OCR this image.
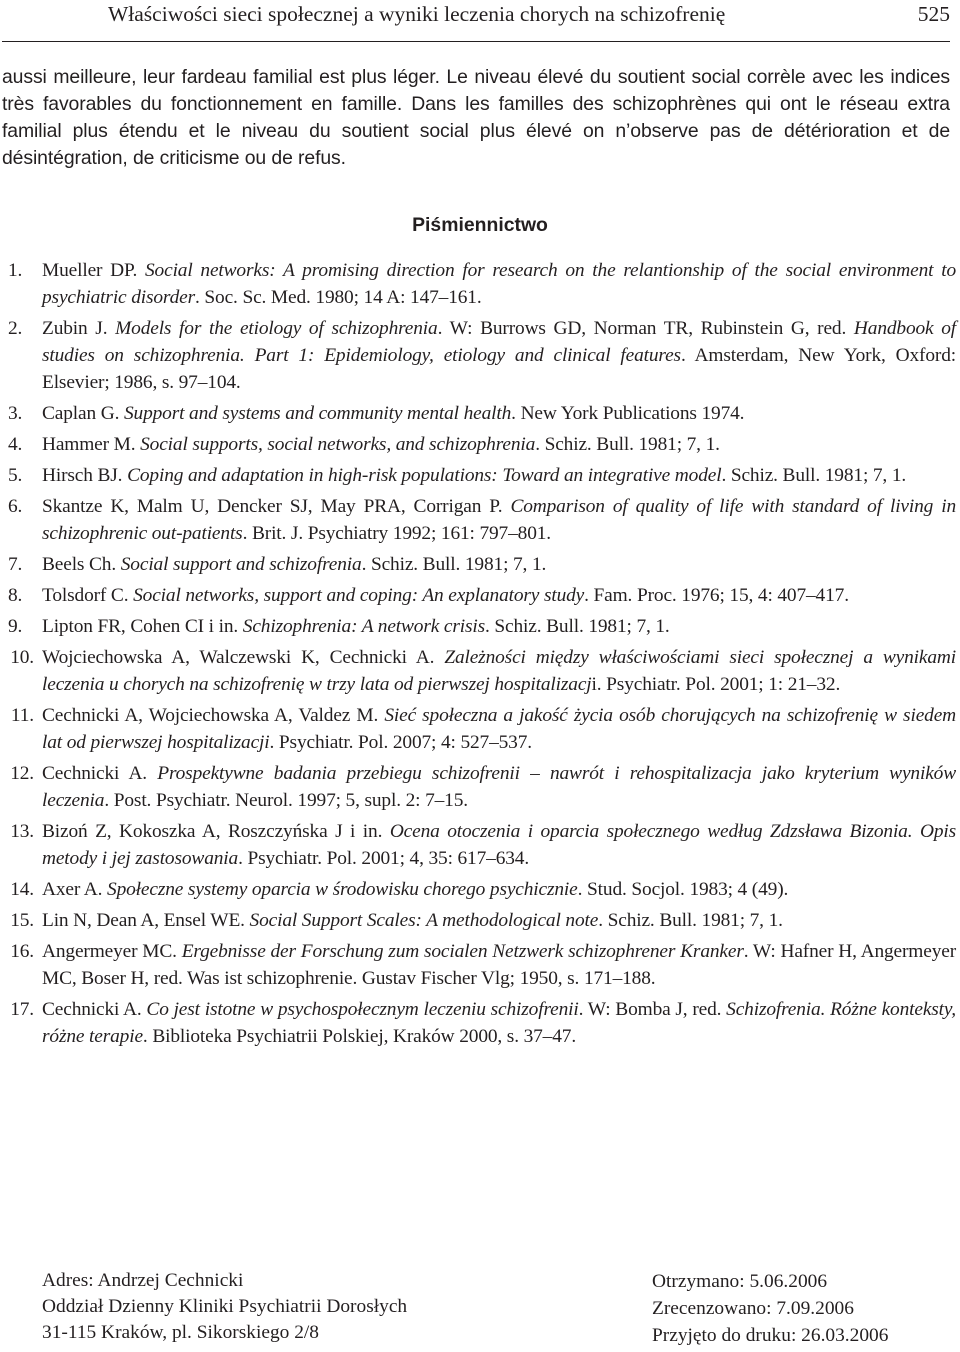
Właściwości sieci społecznej a wyniki leczenia chorych na schizofrenię	525

aussi meilleure, leur fardeau familial est plus léger. Le niveau élevé du soutient social corrèle avec les indices très favorables du fonctionnement en famille. Dans les familles des schizophrènes qui ont le réseau extra familial plus étendu et le niveau du soutient social plus élevé on n’observe pas de détérioration et de désintégration, de criticisme ou de refus.

Piśmiennictwo
1.	Mueller DP. Social networks: A promising direction for research on the relantionship of the social environment to psychiatric disorder. Soc. Sc. Med. 1980; 14 A: 147–161.
2.	Zubin J. Models for the etiology of schizophrenia. W: Burrows GD, Norman TR, Rubinstein G, red. Handbook of studies on schizophrenia. Part 1: Epidemiology, etiology and clinical features. Amsterdam, New York, Oxford: Elsevier; 1986, s. 97–104.
3.	Caplan G. Support and systems and community mental health. New York Publications 1974.
4.	Hammer M. Social supports, social networks, and schizophrenia. Schiz. Bull. 1981; 7, 1.
5.	Hirsch BJ. Coping and adaptation in high-risk populations: Toward an integrative model. Schiz. Bull. 1981; 7, 1.
6.	Skantze K, Malm U, Dencker SJ, May PRA, Corrigan P. Comparison of quality of life with standard of living in schizophrenic out-patients. Brit. J. Psychiatry 1992; 161: 797–801.
7.	Beels Ch. Social support and schizofrenia. Schiz. Bull. 1981; 7, 1.
8.	Tolsdorf C. Social networks, support and coping: An explanatory study. Fam. Proc. 1976; 15, 4: 407–417.
9.	Lipton FR, Cohen CI i in. Schizophrenia: A network crisis. Schiz. Bull. 1981; 7, 1.
10. Wojciechowska A, Walczewski K, Cechnicki A. Zależności między właściwościami sieci społecznej a wynikami leczenia u chorych na schizofrenię w trzy lata od pierwszej hospitalizacji. Psychiatr. Pol. 2001; 1: 21–32.
11. Cechnicki A, Wojciechowska A, Valdez M. Sieć społeczna a jakość życia osób chorujących na schizofrenię w siedem lat od pierwszej hospitalizacji. Psychiatr. Pol. 2007; 4: 527–537.
12. Cechnicki A. Prospektywne badania przebiegu schizofrenii – nawrót i rehospitalizacja jako kryterium wyników leczenia. Post. Psychiatr. Neurol. 1997; 5, supl. 2: 7–15.
13. Bizoń Z, Kokoszka A, Roszczyńska J i in. Ocena otoczenia i oparcia społecznego według Zdzsława Bizonia. Opis metody i jej zastosowania. Psychiatr. Pol. 2001; 4, 35: 617–634.
14. Axer A. Społeczne systemy oparcia w środowisku chorego psychicznie. Stud. Socjol. 1983; 4 (49).
15. Lin N, Dean A, Ensel WE. Social Support Scales: A methodological note. Schiz. Bull. 1981; 7, 1.
16. Angermeyer MC. Ergebnisse der Forschung zum socialen Netzwerk schizophrener Kranker. W: Hafner H, Angermeyer MC, Boser H, red. Was ist schizophrenie. Gustav Fischer Vlg; 1950, s. 171–188.
17. Cechnicki A. Co jest istotne w psychospołecznym leczeniu schizofrenii. W: Bomba J, red. Schizofrenia. Różne konteksty, różne terapie. Biblioteka Psychiatrii Polskiej, Kraków 2000, s. 37–47.
Adres: Andrzej Cechnicki
Oddział Dzienny Kliniki Psychiatrii Dorosłych
31-115 Kraków, pl. Sikorskiego 2/8
Otrzymano: 5.06.2006
Zrecenzowano: 7.09.2006
Przyjęto do druku: 26.03.2006
